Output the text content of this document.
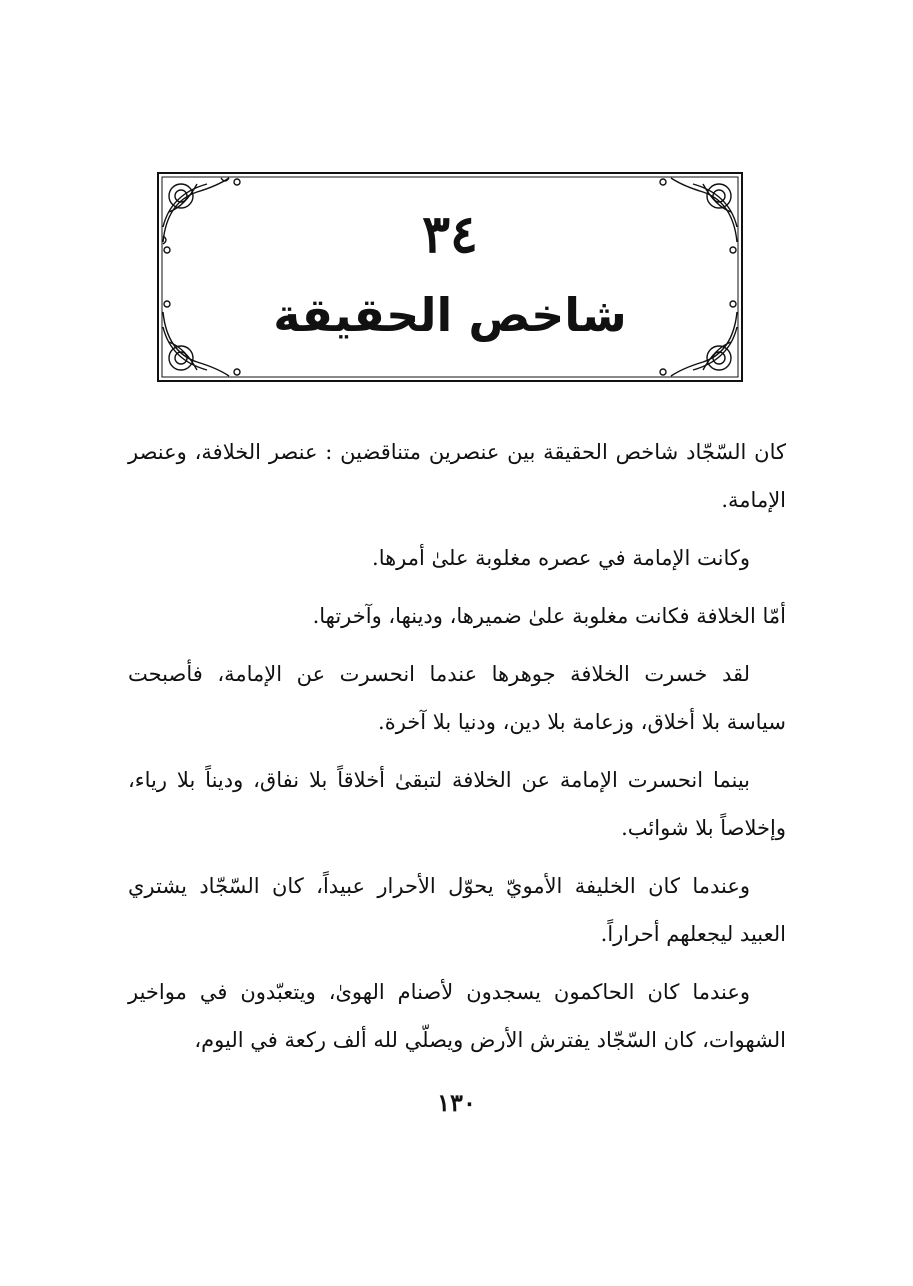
٣٤
شاخص الحقيقة

كان السّجّاد شاخص الحقيقة بين عنصرين متناقضين : عنصر الخلافة، وعنصر الإمامة.

وكانت الإمامة في عصره مغلوبة علىٰ أمرها.

أمّا الخلافة فكانت مغلوبة علىٰ ضميرها، ودينها، وآخرتها.

لقد خسرت الخلافة جوهرها عندما انحسرت عن الإمامة، فأصبحت سياسة بلا أخلاق، وزعامة بلا دين، ودنيا بلا آخرة.

بينما انحسرت الإمامة عن الخلافة لتبقىٰ أخلاقاً بلا نفاق، وديناً بلا رياء، وإخلاصاً بلا شوائب.

وعندما كان الخليفة الأمويّ يحوّل الأحرار عبيداً، كان السّجّاد يشتري العبيد ليجعلهم أحراراً.

وعندما كان الحاكمون يسجدون لأصنام الهوىٰ، ويتعبّدون في مواخير الشهوات، كان السّجّاد يفترش الأرض ويصلّي لله ألف ركعة في اليوم،

١٣٠
